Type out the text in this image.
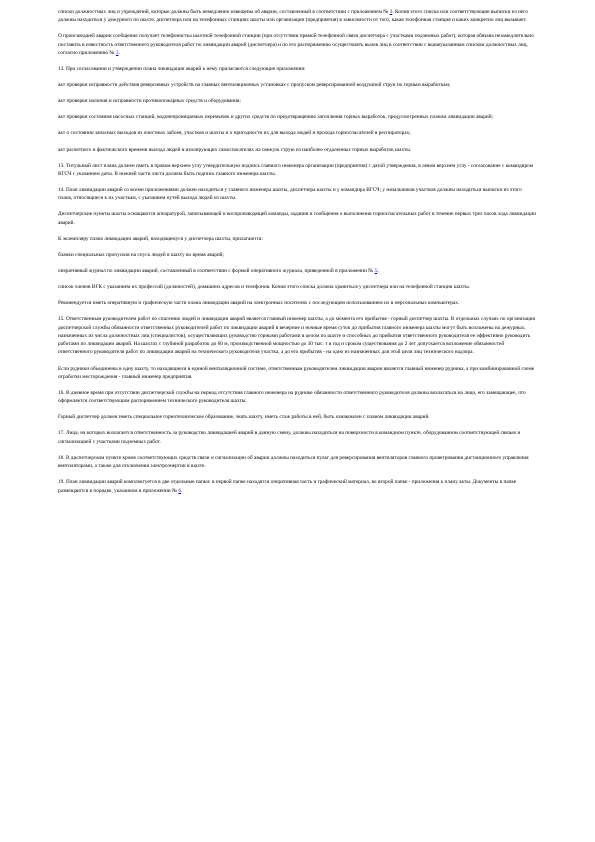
списки должностных лиц и учреждений, которые должны быть немедленно извещены об аварии, составленный в соответствии с приложением № 3. Копия этого списка или соответствующие выписки из него должны находиться у дежурного по шахте, диспетчера или на телефонных станциях шахты или организации (предприятия) в зависимости от того, какая телефонная станция и каких конкретно лиц вызывает.

О происшедшей аварии сообщение получает телефонистка шахтной телефонной станции (при отсутствии прямой телефонной связи диспетчера с участками подземных работ), которая обязана незамедлительно поставить в известность ответственного руководителя работ по ликвидации аварий (диспетчера) и по его распоряжению осуществлять вызов лиц в соответствии с вышеуказанным списком должностных лиц, согласно приложению № 3.

13. При согласовании и утверждении плана ликвидации аварий к нему прилагаются следующие приложения:

акт проверки исправности действия реверсивных устройств на главных вентиляционных установках с пропуском реверсированной воздушной струи по горным выработкам;

акт проверки наличия и исправности противопожарных средств и оборудования;

акт проверки состояния насосных станций, водонепроницаемых перемычек и других средств по предотвращению затопления горных выработок, предусмотренных планом ликвидации аварий;

акт о состоянии запасных выходов из очистных забоев, участков и шахты и о пригодности их для выхода людей и прохода горноспасателей в респираторах;

акт расчетного и фактического времени выхода людей в изолирующих самоспасателях на свежую струю из наиболее отдаленных горных выработок шахты.

13. Титульный лист плана должен иметь в правом верхнем углу утвердительную подпись главного инженера организации (предприятия) с датой утверждения, в левом верхнем углу - согласование с командиром ВГСЧ с указанием даты. В нижней части листа должна быть подпись главного инженера шахты.

14. План ликвидации аварий со всеми приложениями должен находиться у главного инженера шахты, диспетчера шахты и у командира ВГСЧ; у начальников участков должны находиться выписки из этого плана, относящиеся к их участкам, с указанием путей выхода людей из шахты.

Диспетчерские пункты шахты оснащаются аппаратурой, записывающей и воспроизводящей команды, задания и сообщения о выполнении горноспасательных работ в течение первых трех часов хода ликвидации аварий.

К экземпляру плана ликвидации аварий, находящемуся у диспетчера шахты, прилагаются:

бланки специальных пропусков на спуск людей в шахту во время аварий;

оперативный журнал по ликвидации аварий, составленный в соответствии с формой оперативного журнала, приведенной в приложении № 5;

список членов ВГК с указанием их профессий (должностей), домашних адресов и телефонов. Копия этого списка должна храниться у диспетчера или на телефонной станции шахты.

Рекомендуется иметь оперативную и графическую части плана ликвидации аварий на электронных носителях с последующим использованием их в персональных компьютерах.

15. Ответственным руководителем работ по спасению людей и ликвидации аварий является главный инженер шахты, а до момента его прибытия - горный диспетчер шахты. В отдельных случаях по организации диспетчерской службы обязанности ответственных руководителей работ по ликвидации аварий в вечерние и ночные время суток до прибытия главного инженера шахты могут быть возложены на дежурных, назначенных из числа должностных лиц (специалистов), осуществляющих руководство горными работами в целом по шахте и способных до прибытия ответственного руководителя ее эффективно руководить работами по ликвидации аварий. На шахтах с глубиной разработок до 60 м, производственной мощностью до 30 тыс. т в год и сроком существования до 2 лет допускается возложение обязанностей ответственного руководителя работ по ликвидации аварий на технического руководителя участка, а до его прибытия - на одно из назначенных для этой цели лиц технического надзора.

Если рудники объединены в одну шахту, то находящиеся в единой вентиляционной системе, ответственным руководителем ликвидации аварии является главный инженер рудника, а при комбинированной схеме отработки месторождения - главный инженер предприятия.

16. В дневное время при отсутствии диспетчерской службы на период отсутствия главного инженера на руднике обязанности ответственного руководителя должны возлагаться на лицо, его замещающее, что оформляется соответствующим распоряжением технического руководителя шахты.

Горный диспетчер должен иметь специальное горнотехническое образование, знать шахту, иметь стаж работы в ней, быть ознакомлен с планом ликвидации аварий.

17. Лица, на которых возлагается ответственность за руководство ликвидацией аварий в данную смену, должны находиться на поверхности в командном пункте, оборудованном соответствующей связью и сигнализацией с участками подземных работ.

18. В диспетчерском пункте кроме соответствующих средств связи и сигнализации об аварии должны находиться пульт для реверсирования вентиляторов главного проветривания дистанционного управления вентиляторами, а также для отключения электроэнергии в шахте.

19. План ликвидации аварий комплектуется в две отдельные папки: в первой папке находятся оперативная часть и графический материал, во второй папке - приложения к плану акты. Документы в папке размещаются в порядке, указанном в приложении № 6.
